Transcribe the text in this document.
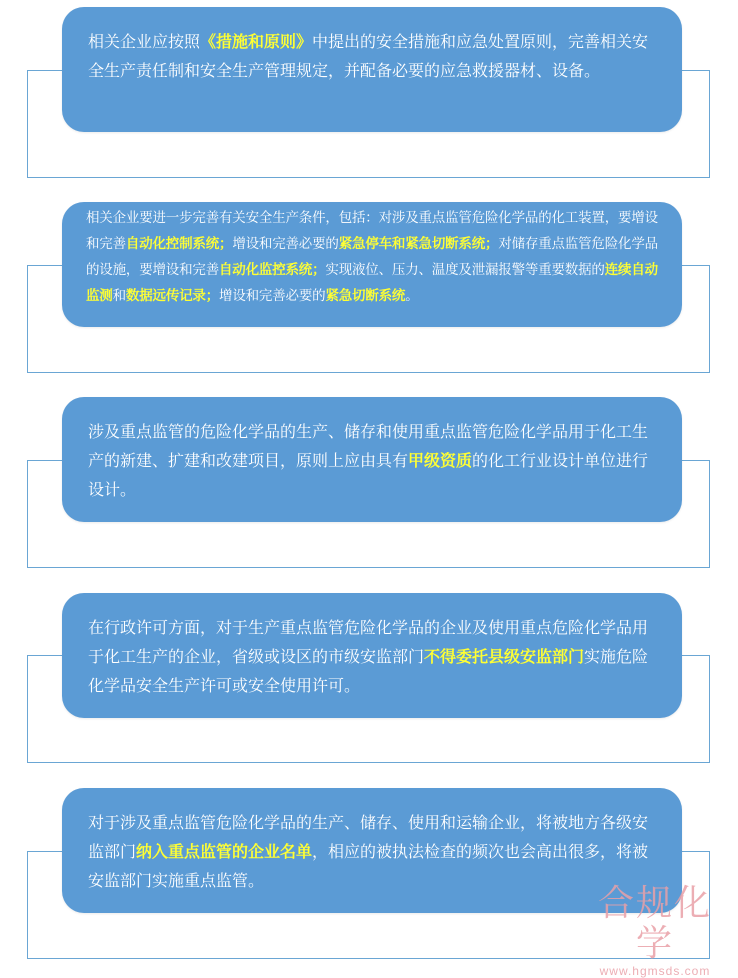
相关企业应按照《措施和原则》中提出的安全措施和应急处置原则，完善相关安全生产责任制和安全生产管理规定，并配备必要的应急救援器材、设备。

相关企业要进一步完善有关安全生产条件，包括：对涉及重点监管危险化学品的化工装置，要增设和完善自动化控制系统；增设和完善必要的紧急停车和紧急切断系统；对储存重点监管危险化学品的设施，要增设和完善自动化监控系统；实现液位、压力、温度及泄漏报警等重要数据的连续自动监测和数据远传记录；增设和完善必要的紧急切断系统。

涉及重点监管的危险化学品的生产、储存和使用重点监管危险化学品用于化工生产的新建、扩建和改建项目，原则上应由具有甲级资质的化工行业设计单位进行设计。

在行政许可方面，对于生产重点监管危险化学品的企业及使用重点危险化学品用于化工生产的企业，省级或设区的市级安监部门不得委托县级安监部门实施危险化学品安全生产许可或安全使用许可。

对于涉及重点监管危险化学品的生产、储存、使用和运输企业，将被地方各级安监部门纳入重点监管的企业名单，相应的被执法检查的频次也会高出很多，将被安监部门实施重点监管。

合规化学
www.hgmsds.com
